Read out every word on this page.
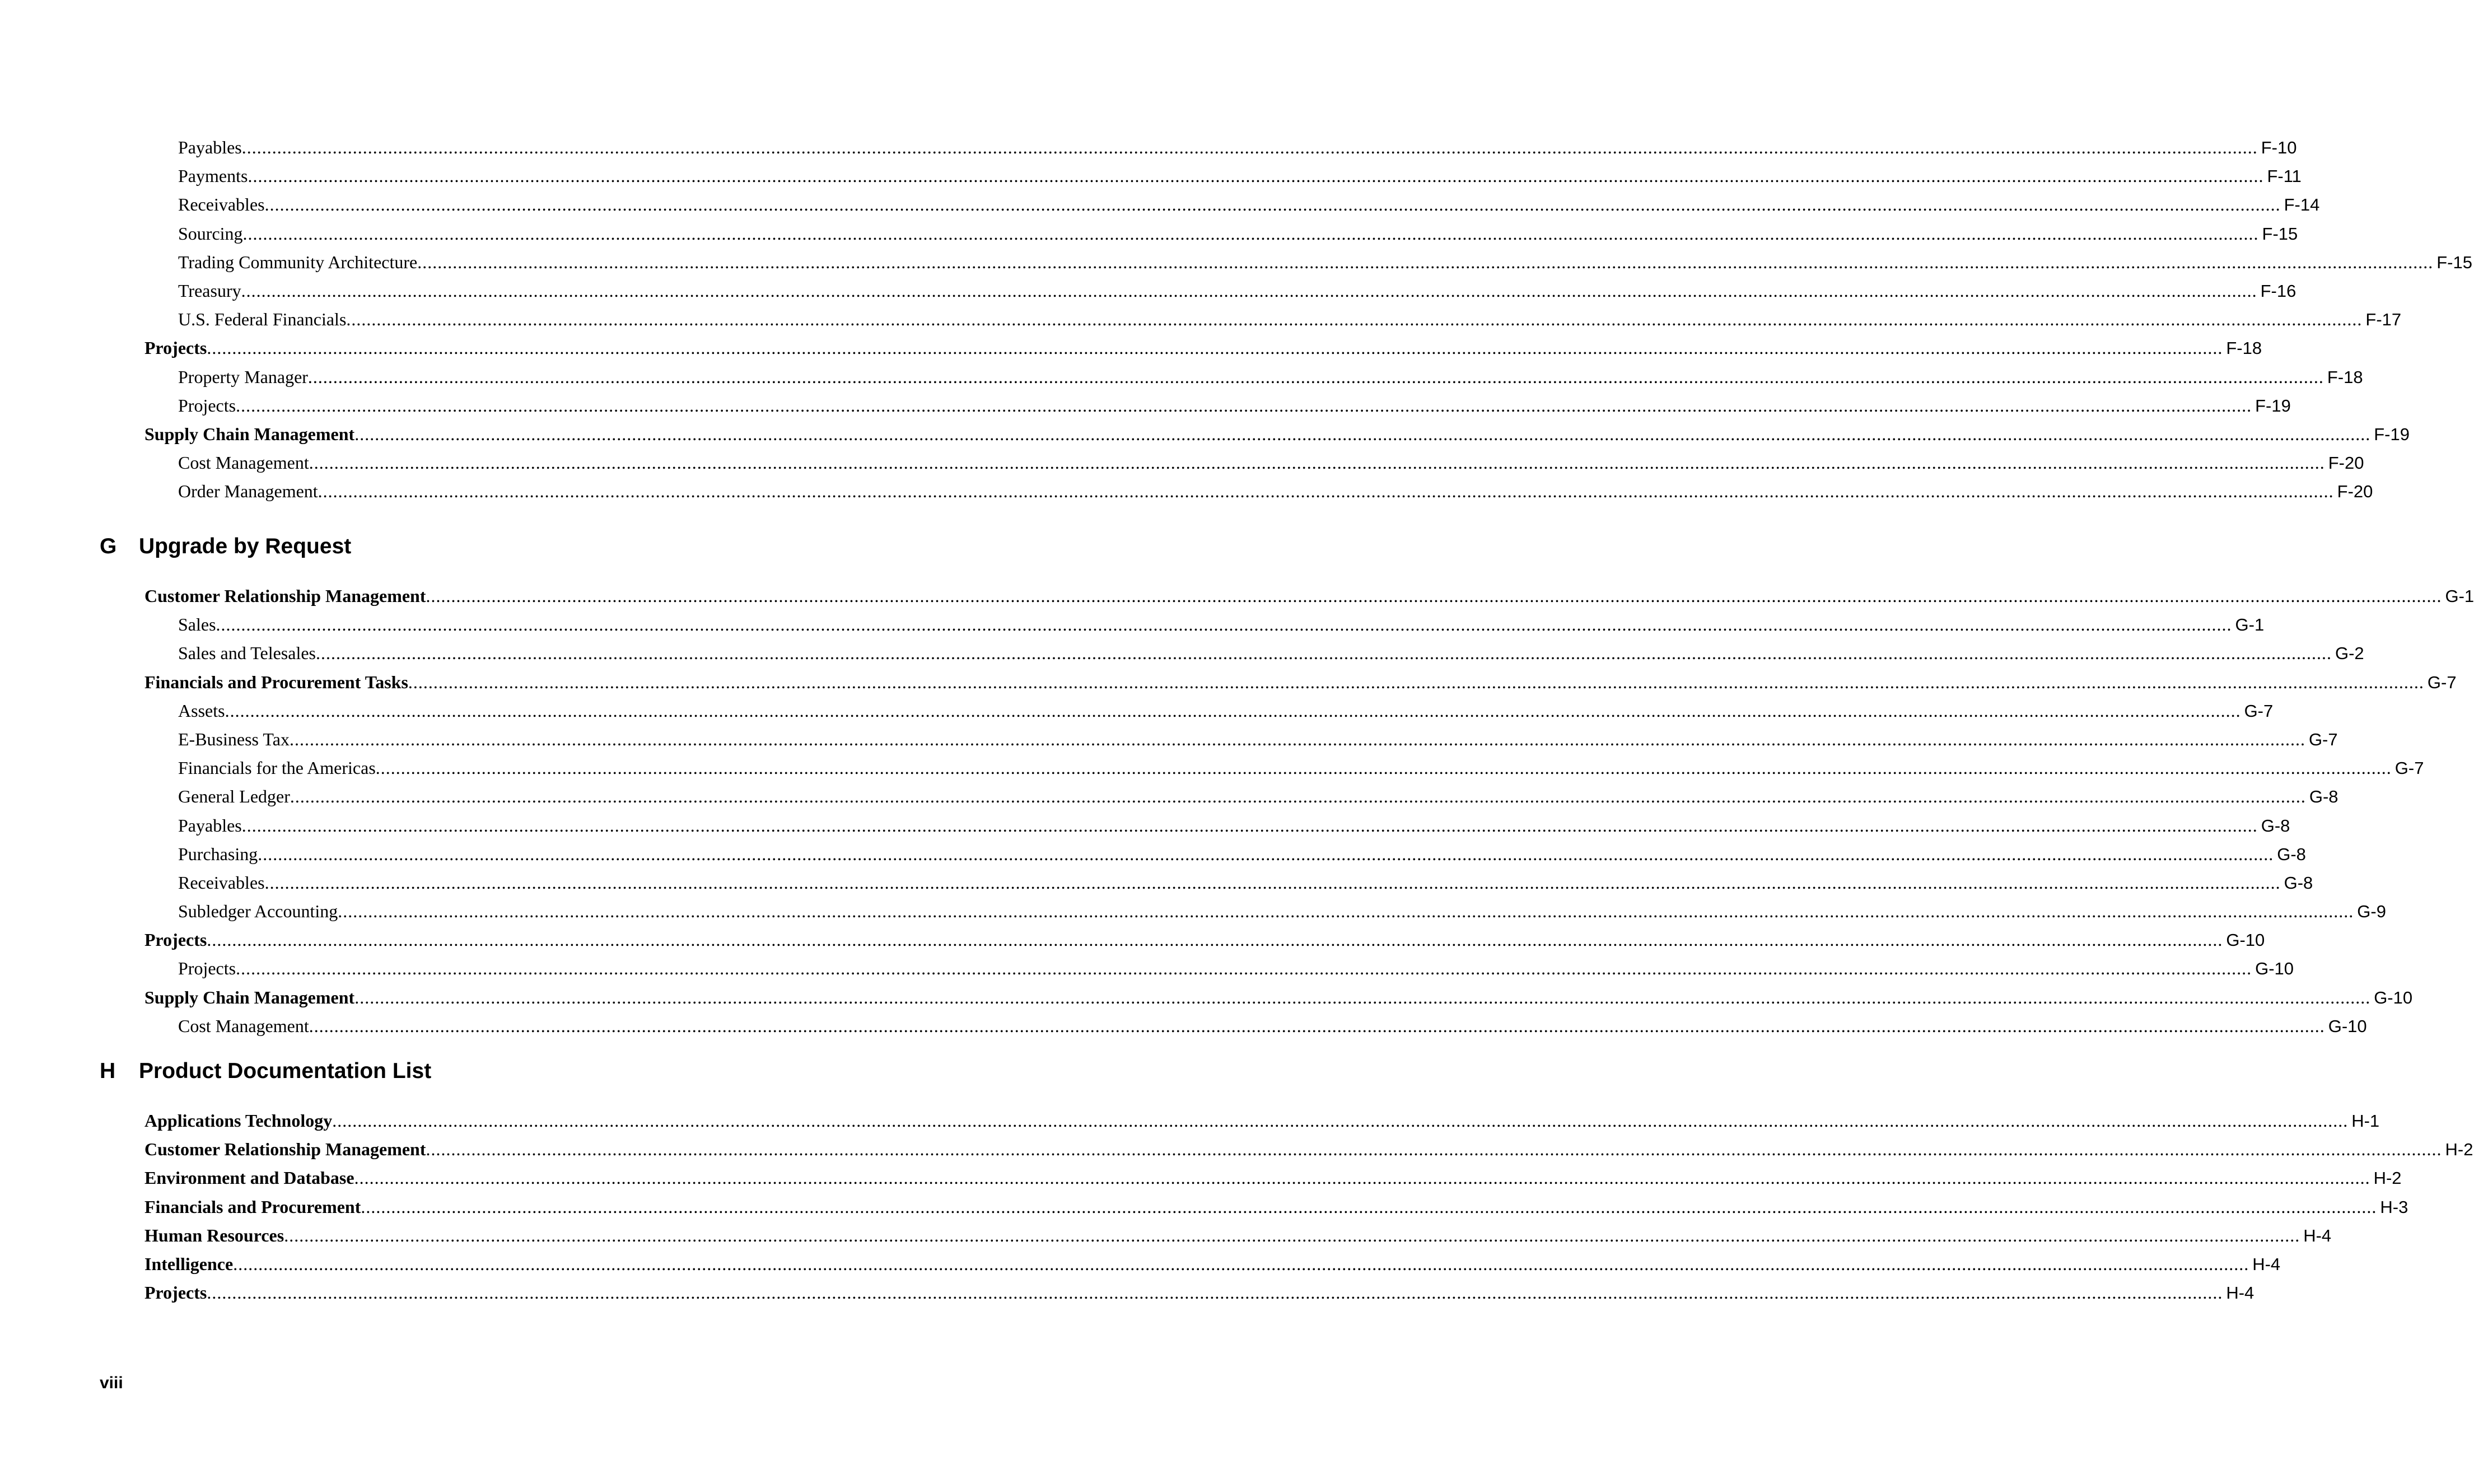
Payables ................................................................................................................................................................................................................................................................................................................................................................................................................ F-10
Payments ................................................................................................................................................................................................................................................................................................................................................................................................................ F-11
Receivables ................................................................................................................................................................................................................................................................................................................................................................................................................ F-14
Sourcing ................................................................................................................................................................................................................................................................................................................................................................................................................ F-15
Trading Community Architecture ................................................................................................................................................................................................................................................................................................................................................................................................................ F-15
Treasury ................................................................................................................................................................................................................................................................................................................................................................................................................ F-16
U.S. Federal Financials ................................................................................................................................................................................................................................................................................................................................................................................................................ F-17
Projects ................................................................................................................................................................................................................................................................................................................................................................................................................ F-18
Property Manager ................................................................................................................................................................................................................................................................................................................................................................................................................ F-18
Projects ................................................................................................................................................................................................................................................................................................................................................................................................................ F-19
Supply Chain Management ................................................................................................................................................................................................................................................................................................................................................................................................................ F-19
Cost Management ................................................................................................................................................................................................................................................................................................................................................................................................................ F-20
Order Management ................................................................................................................................................................................................................................................................................................................................................................................................................ F-20
G Upgrade by Request
Customer Relationship Management ................................................................................................................................................................................................................................................................................................................................................................................................................ G-1
Sales ................................................................................................................................................................................................................................................................................................................................................................................................................ G-1
Sales and Telesales ................................................................................................................................................................................................................................................................................................................................................................................................................ G-2
Financials and Procurement Tasks ................................................................................................................................................................................................................................................................................................................................................................................................................ G-7
Assets ................................................................................................................................................................................................................................................................................................................................................................................................................ G-7
E-Business Tax ................................................................................................................................................................................................................................................................................................................................................................................................................ G-7
Financials for the Americas ................................................................................................................................................................................................................................................................................................................................................................................................................ G-7
General Ledger ................................................................................................................................................................................................................................................................................................................................................................................................................ G-8
Payables ................................................................................................................................................................................................................................................................................................................................................................................................................ G-8
Purchasing ................................................................................................................................................................................................................................................................................................................................................................................................................ G-8
Receivables ................................................................................................................................................................................................................................................................................................................................................................................................................ G-8
Subledger Accounting ................................................................................................................................................................................................................................................................................................................................................................................................................ G-9
Projects ................................................................................................................................................................................................................................................................................................................................................................................................................ G-10
Projects ................................................................................................................................................................................................................................................................................................................................................................................................................ G-10
Supply Chain Management ................................................................................................................................................................................................................................................................................................................................................................................................................ G-10
Cost Management ................................................................................................................................................................................................................................................................................................................................................................................................................ G-10
H Product Documentation List
Applications Technology ................................................................................................................................................................................................................................................................................................................................................................................................................ H-1
Customer Relationship Management ................................................................................................................................................................................................................................................................................................................................................................................................................ H-2
Environment and Database ................................................................................................................................................................................................................................................................................................................................................................................................................ H-2
Financials and Procurement ................................................................................................................................................................................................................................................................................................................................................................................................................ H-3
Human Resources ................................................................................................................................................................................................................................................................................................................................................................................................................ H-4
Intelligence ................................................................................................................................................................................................................................................................................................................................................................................................................ H-4
Projects ................................................................................................................................................................................................................................................................................................................................................................................................................ H-4
viii
